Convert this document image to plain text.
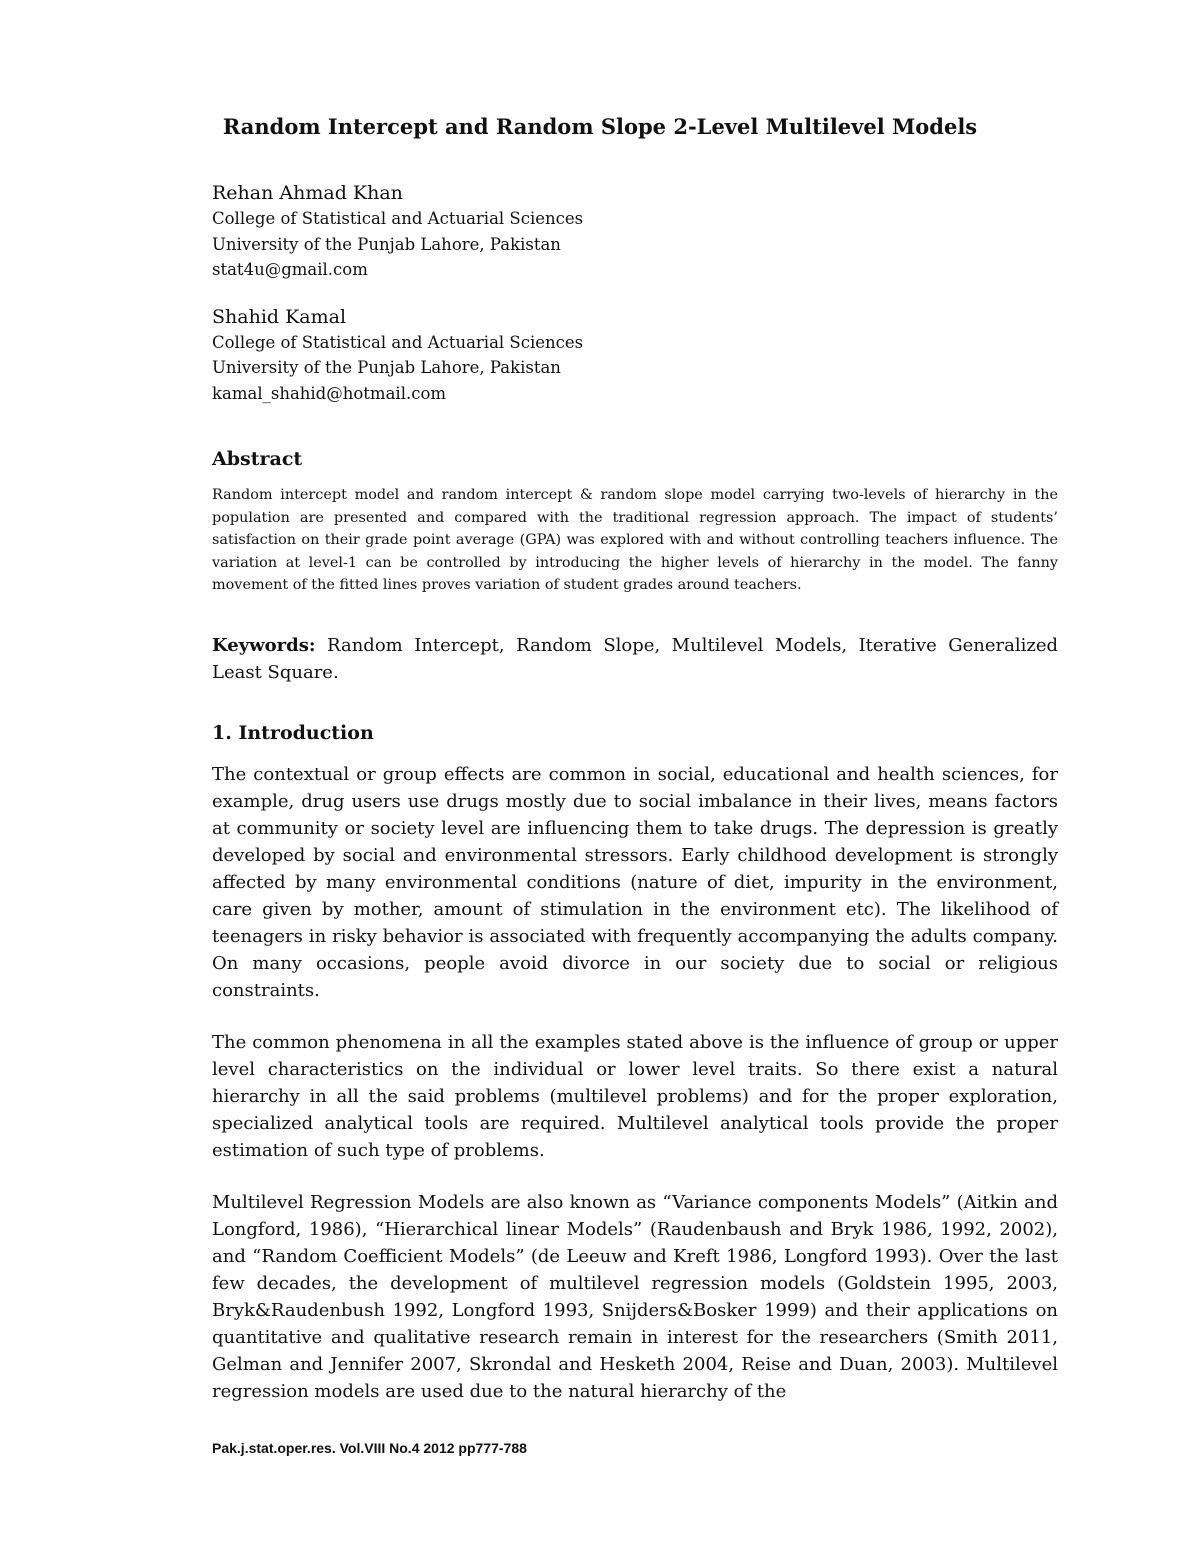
Random Intercept and Random Slope 2-Level Multilevel Models

Rehan Ahmad Khan

College of Statistical and Actuarial Sciences

University of the Punjab Lahore, Pakistan

stat4u@gmail.com

Shahid Kamal

College of Statistical and Actuarial Sciences

University of the Punjab Lahore, Pakistan

kamal_shahid@hotmail.com

Abstract

Random intercept model and random intercept & random slope model carrying two-levels of hierarchy in the population are presented and compared with the traditional regression approach. The impact of students’ satisfaction on their grade point average (GPA) was explored with and without controlling teachers influence. The variation at level-1 can be controlled by introducing the higher levels of hierarchy in the model. The fanny movement of the fitted lines proves variation of student grades around teachers.

Keywords: Random Intercept, Random Slope, Multilevel Models, Iterative Generalized Least Square.

1. Introduction

The contextual or group effects are common in social, educational and health sciences, for example, drug users use drugs mostly due to social imbalance in their lives, means factors at community or society level are influencing them to take drugs. The depression is greatly developed by social and environmental stressors. Early childhood development is strongly affected by many environmental conditions (nature of diet, impurity in the environment, care given by mother, amount of stimulation in the environment etc). The likelihood of teenagers in risky behavior is associated with frequently accompanying the adults company. On many occasions, people avoid divorce in our society due to social or religious constraints.

The common phenomena in all the examples stated above is the influence of group or upper level characteristics on the individual or lower level traits. So there exist a natural hierarchy in all the said problems (multilevel problems) and for the proper exploration, specialized analytical tools are required. Multilevel analytical tools provide the proper estimation of such type of problems.

Multilevel Regression Models are also known as “Variance components Models” (Aitkin and Longford, 1986), “Hierarchical linear Models” (Raudenbaush and Bryk 1986, 1992, 2002), and “Random Coefficient Models” (de Leeuw and Kreft 1986, Longford 1993). Over the last few decades, the development of multilevel regression models (Goldstein 1995, 2003, Bryk&Raudenbush 1992, Longford 1993, Snijders&Bosker 1999) and their applications on quantitative and qualitative research remain in interest for the researchers (Smith 2011, Gelman and Jennifer 2007, Skrondal and Hesketh 2004, Reise and Duan, 2003). Multilevel regression models are used due to the natural hierarchy of the

Pak.j.stat.oper.res. Vol.VIII No.4 2012 pp777-788
